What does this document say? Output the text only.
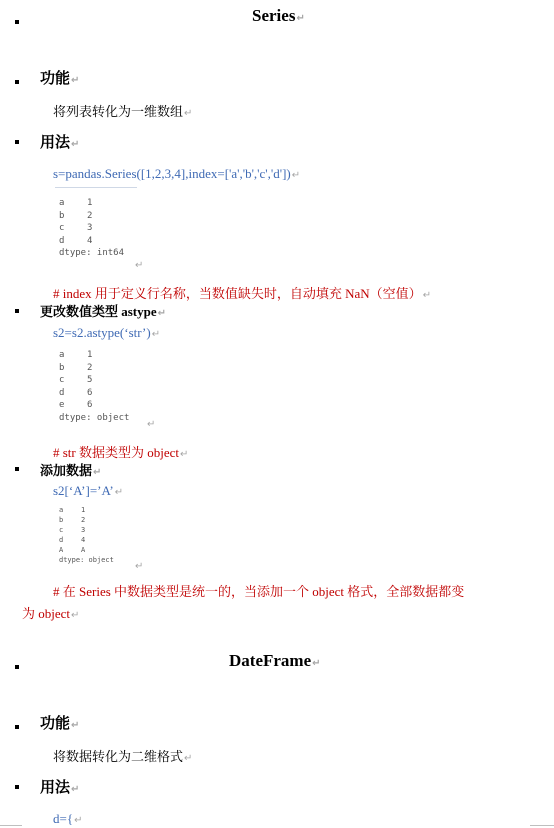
Series↵
功能↵
将列表转化为一维数组↵
用法↵
s=pandas.Series([1,2,3,4],index=['a','b','c','d'])↵
a	1
b	2
c	3
d	4
dtype: int64
↵
# index 用于定义行名称，当数值缺失时，自动填充 NaN（空值）↵
更改数值类型 astype↵
s2=s2.astype(‘str’)↵
a	1
b	2
c	5
d	6
e	6
dtype: object
↵
# str 数据类型为 object↵
添加数据↵
s2[‘A’]=’A’↵
a	1
b	2
c	3
d	4
A	A
dtype: object
↵
# 在 Series 中数据类型是统一的，当添加一个 object 格式，全部数据都变
为 object↵
DateFrame↵
功能↵
将数据转化为二维格式↵
用法↵
d={↵
